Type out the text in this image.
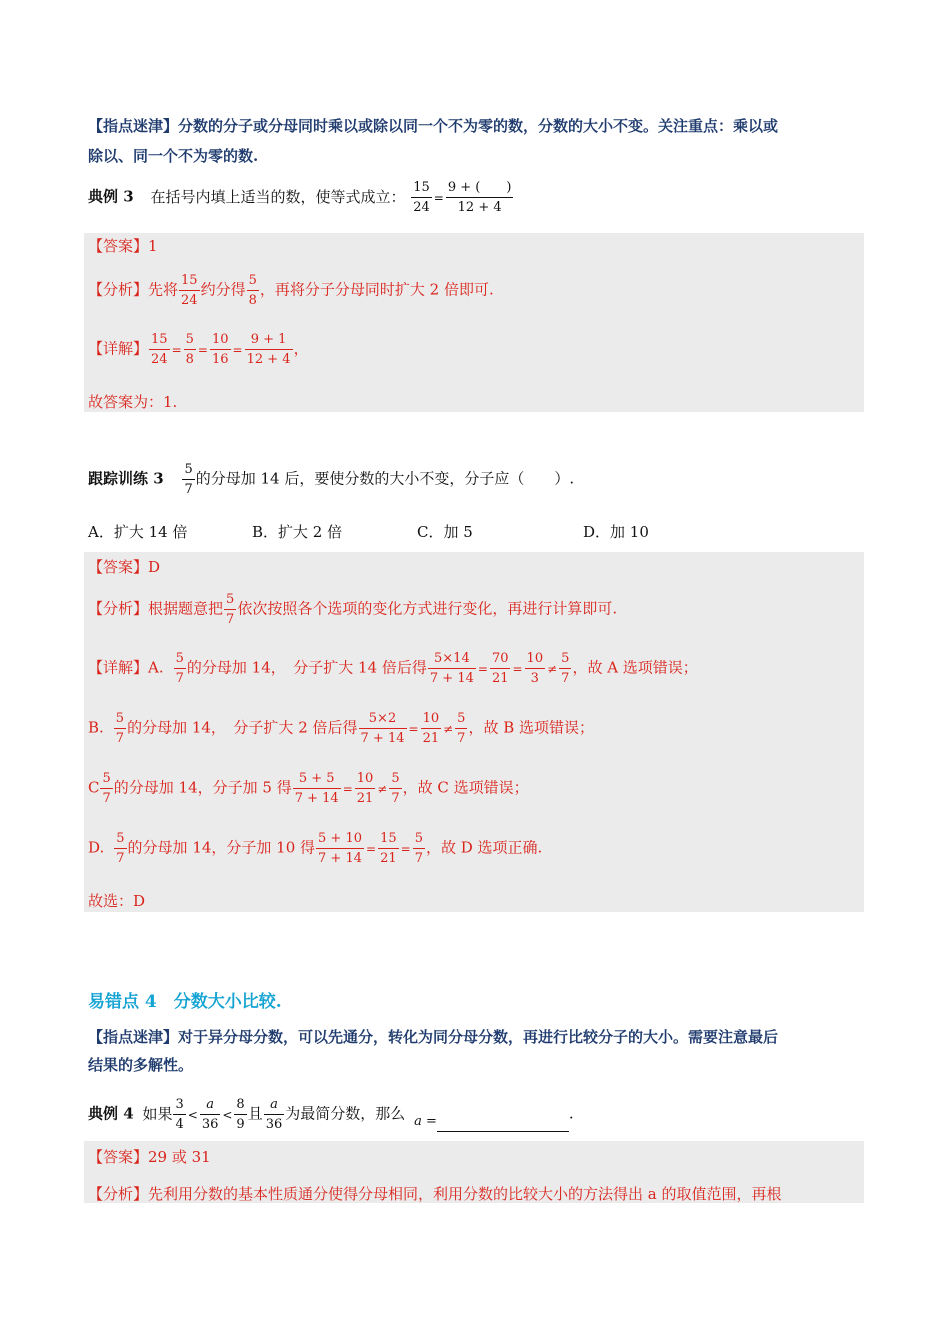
【指点迷津】分数的分子或分母同时乘以或除以同一个不为零的数，分数的大小不变。关注重点：乘以或
除以、同一个不为零的数.
典例 3 在括号内填上适当的数，使等式成立： $\frac{15}{24} = \frac{9 + ( )}{12 + 4}$
【答案】1
【分析】先将 $\frac{15}{24}$ 约分得 $\frac{5}{8}$ ，再将分子分母同时扩大 2 倍即可.
【详解】 $\frac{15}{24} = \frac{5}{8} = \frac{10}{16} = \frac{9 + 1}{12 + 4}$ ，
故答案为：1.
跟踪训练 $3 \frac{5}{7}$ 的分母加 14 后，要使分数的大小不变，分子应（　　）.
A．扩大 14 倍	B．扩大 2 倍	C．加 5	D．加 10
【答案】D
【分析】根据题意把 $\frac{5}{7}$ 依次按照各个选项的变化方式进行变化，再进行计算即可.
【详解】A. $\frac{5}{7}$ 的分母加 14，　分子扩大 14 倍后得 $\frac{5\times 14}{7 + 14} = \frac{70}{21} = \frac{10}{3} \ne \frac{5}{7}$ ，故 A 选项错误；
B. $\frac{5}{7}$ 的分母加 14，　分子扩大 2 倍后得 $\frac{5\times 2}{7 + 14} = \frac{10}{21} \ne \frac{5}{7}$ ，故 B 选项错误；
C $\frac{5}{7}$ 的分母加 14，分子加 5 得 $\frac{5 + 5}{7 + 14} = \frac{10}{21} \ne \frac{5}{7}$ ，故 C 选项错误；
D. $\frac{5}{7}$ 的分母加 14，分子加 10 得 $\frac{5 + 10}{7 + 14} = \frac{15}{21} = \frac{5}{7}$ ，故 D 选项正确.
故选：D
易错点 4　分数大小比较.
【指点迷津】对于异分母分数，可以先通分，转化为同分母分数，再进行比较分子的大小。需要注意最后
结果的多解性。
典例 4 如果 $\frac{3}{4} < \frac{a}{36} < \frac{8}{9}$ 且 $\frac{a}{36}$ 为最简分数，那么 a =	.
【答案】29 或 31
【分析】先利用分数的基本性质通分使得分母相同，利用分数的比较大小的方法得出 a 的取值范围，再根
